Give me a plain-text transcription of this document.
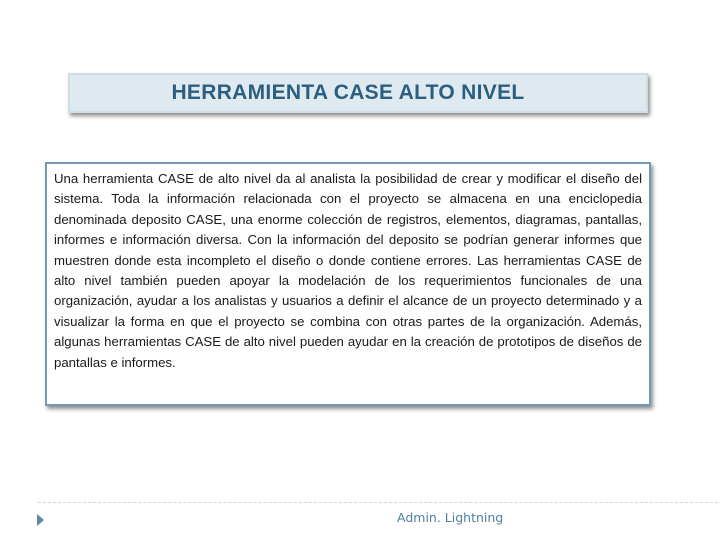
HERRAMIENTA CASE ALTO NIVEL

Una herramienta CASE de alto nivel da al analista la posibilidad de crear y modificar el diseño del sistema. Toda la información relacionada con el proyecto se almacena en una enciclopedia denominada deposito CASE, una enorme colección de registros, elementos, diagramas, pantallas, informes e información diversa. Con la información del deposito se podrían generar informes que muestren donde esta incompleto el diseño o donde contiene errores. Las herramientas CASE de alto nivel también pueden apoyar la modelación de los requerimientos funcionales de una organización, ayudar a los analistas y usuarios a definir el alcance de un proyecto determinado y a visualizar la forma en que el proyecto se combina con otras partes de la organización. Además, algunas herramientas CASE de alto nivel pueden ayudar en la creación de prototipos de diseños de pantallas e informes.

Admin. Lightning
